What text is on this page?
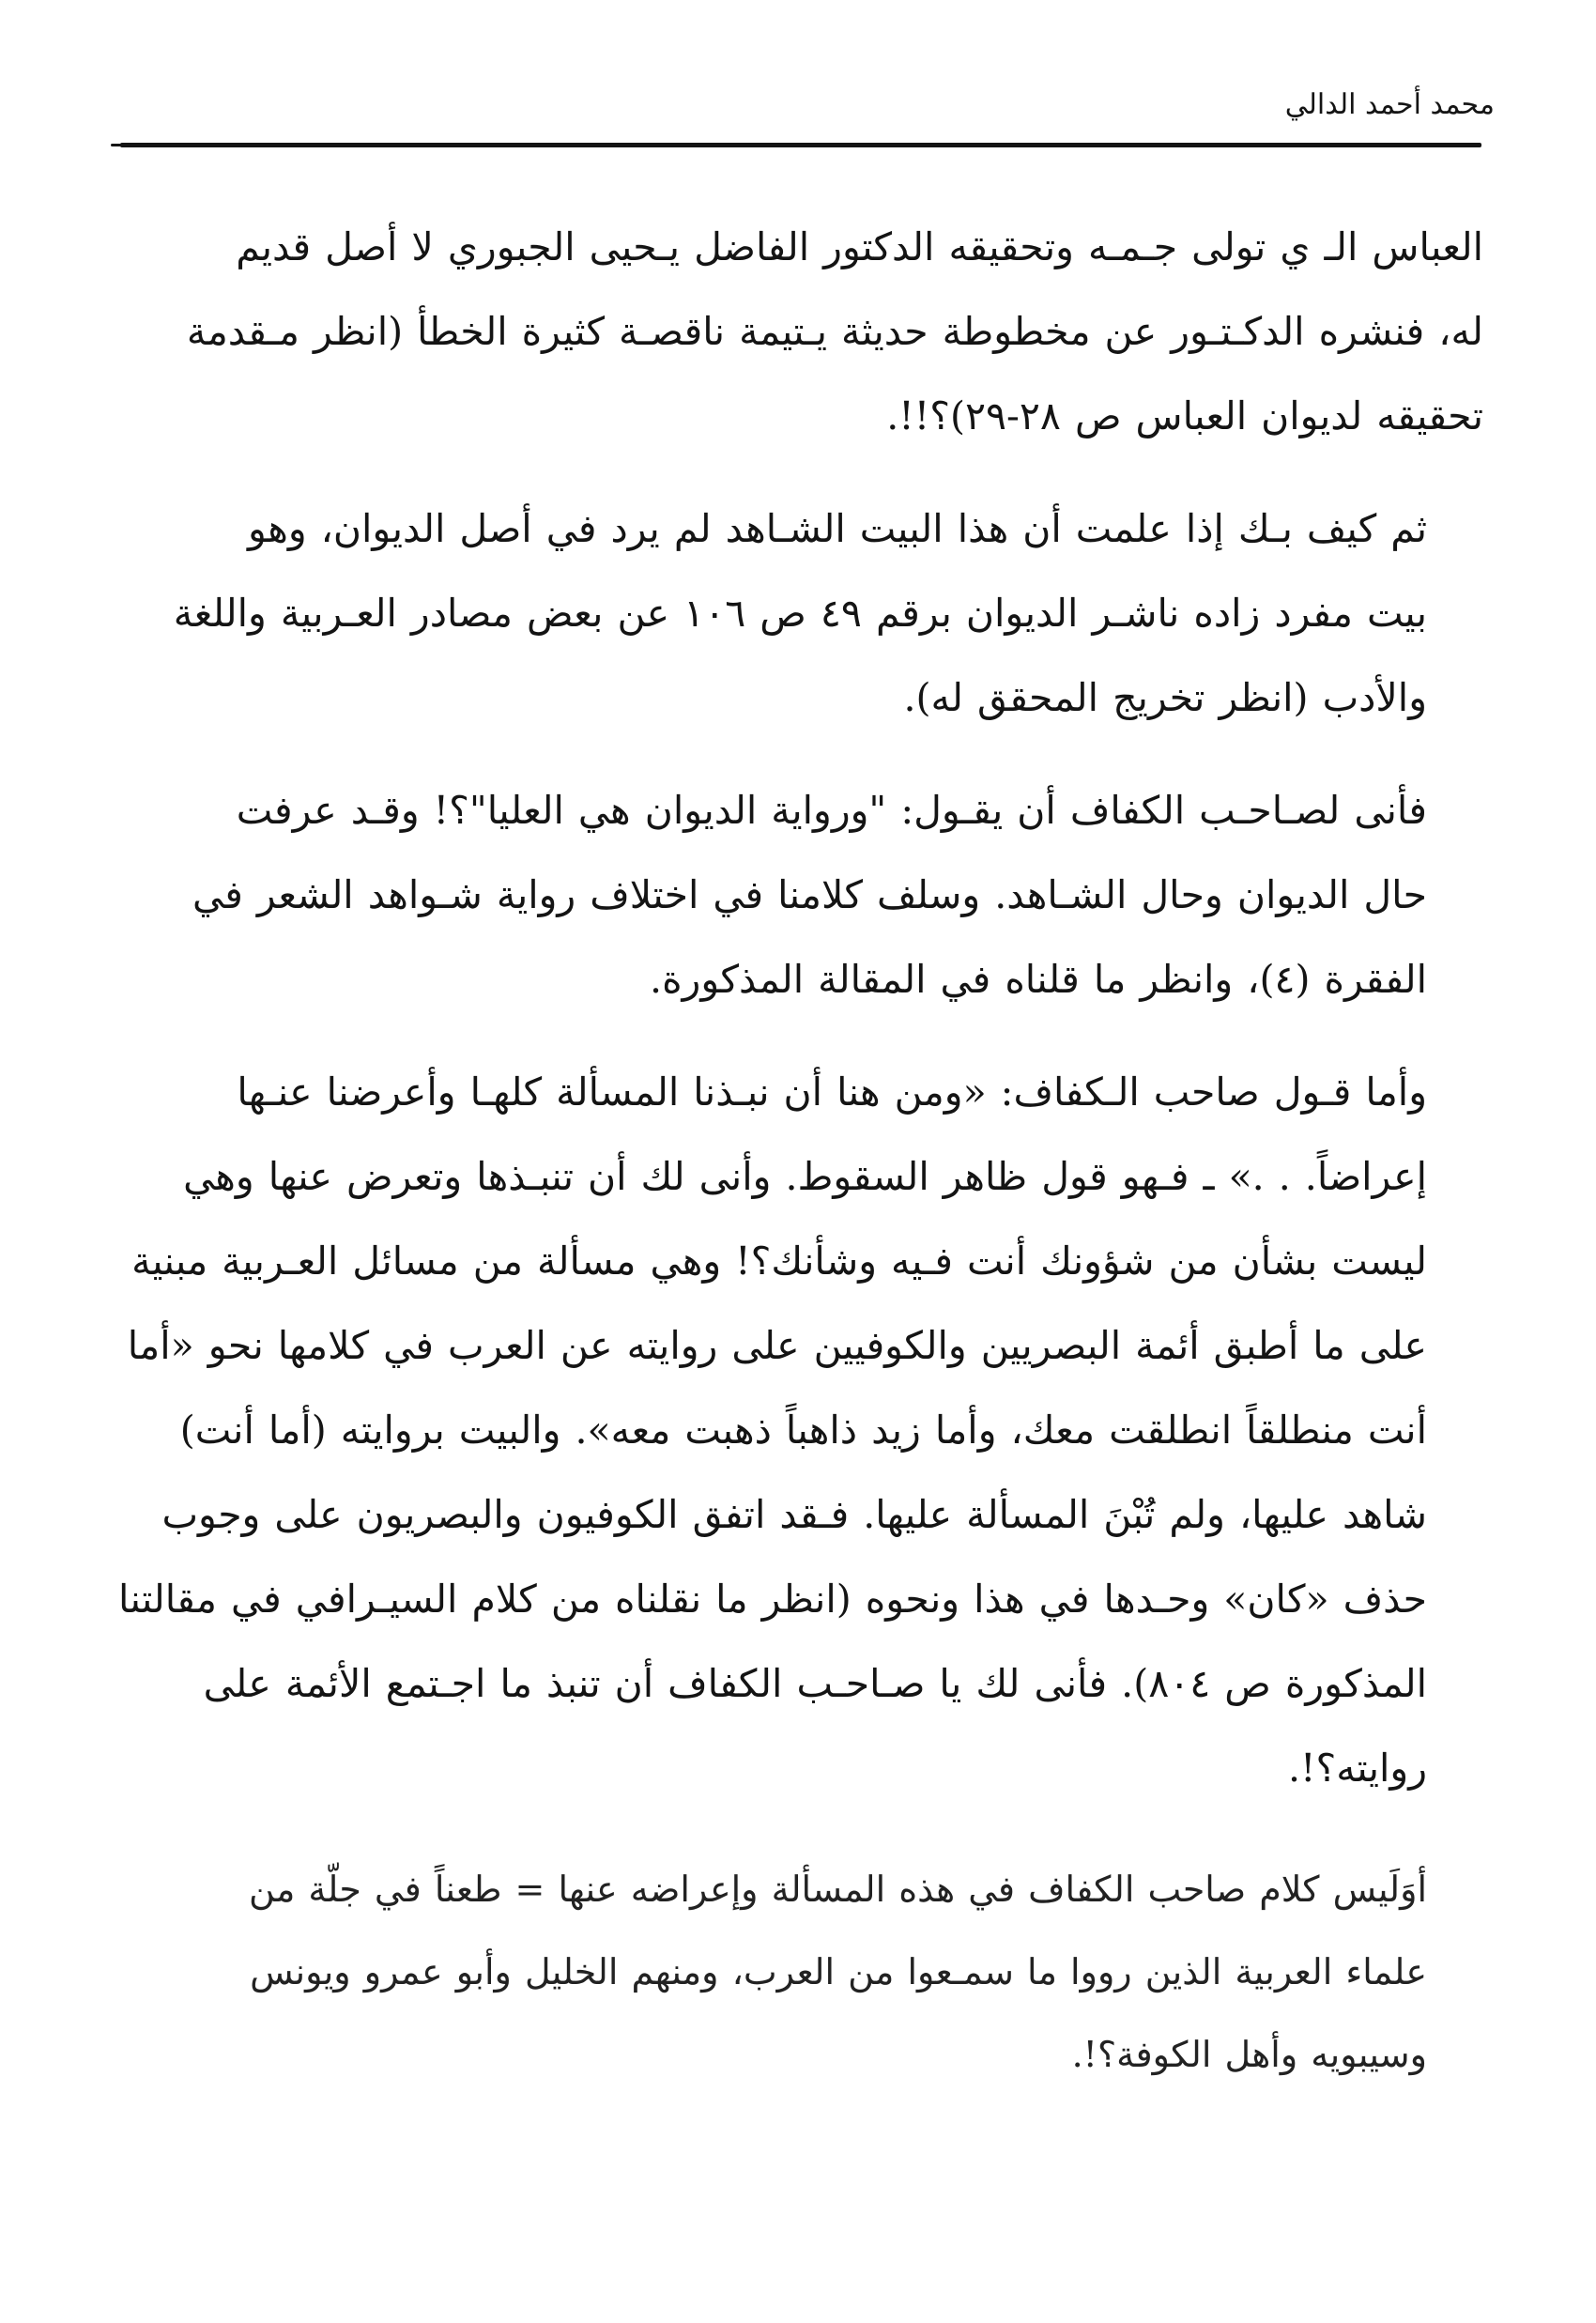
محمد أحمد الدالي

العباس الـ ي تولى جـمـه وتحقيقه الدكتور الفاضل يـحيى الجبوري لا أصل قديم
له، فنشره الدكـتـور عن مخطوطة حديثة يـتيمة ناقصـة كثيرة الخطأ (انظر مـقدمة
تحقيقه لديوان العباس ص ٢٨-٢٩)؟!!.

ثم كيف بـك إذا علمت أن هذا البيت الشـاهد لم يرد في أصل الديوان، وهو
بيت مفرد زاده ناشـر الديوان برقم ٤٩ ص ١٠٦ عن بعض مصادر العـربية واللغة
والأدب (انظر تخريج المحقق له).

فأنى لصـاحـب الكفاف أن يقـول: "ورواية الديوان هي العليا"؟! وقـد عرفت
حال الديوان وحال الشـاهد. وسلف كلامنا في اختلاف رواية شـواهد الشعر في
الفقرة (٤)، وانظر ما قلناه في المقالة المذكورة.

وأما قـول صاحب الـكفاف: «ومن هنا أن نبـذنا المسألة كلهـا وأعرضنا عنـها
إعراضاً. . .» ـ فـهو قول ظاهر السقوط. وأنى لك أن تنبـذها وتعرض عنها وهي
ليست بشأن من شؤونك أنت فـيه وشأنك؟! وهي مسألة من مسائل العـربية مبنية
على ما أطبق أئمة البصريين والكوفيين على روايته عن العرب في كلامها نحو «أما
أنت منطلقاً انطلقت معك، وأما زيد ذاهباً ذهبت معه». والبيت بروايته (أما أنت)
شاهد عليها، ولم تُبْنَ المسألة عليها. فـقد اتفق الكوفيون والبصريون على وجوب
حذف «كان» وحـدها في هذا ونحوه (انظر ما نقلناه من كلام السيـرافي في مقالتنا
المذكورة ص ٨٠٤). فأنى لك يا صـاحـب الكفاف أن تنبذ ما اجـتمع الأئمة على
روايته؟!.

أوَلَيس كلام صاحب الكفاف في هذه المسألة وإعراضه عنها = طعناً في جلّة من
علماء العربية الذين رووا ما سمـعوا من العرب، ومنهم الخليل وأبو عمرو ويونس
وسيبويه وأهل الكوفة؟!.
